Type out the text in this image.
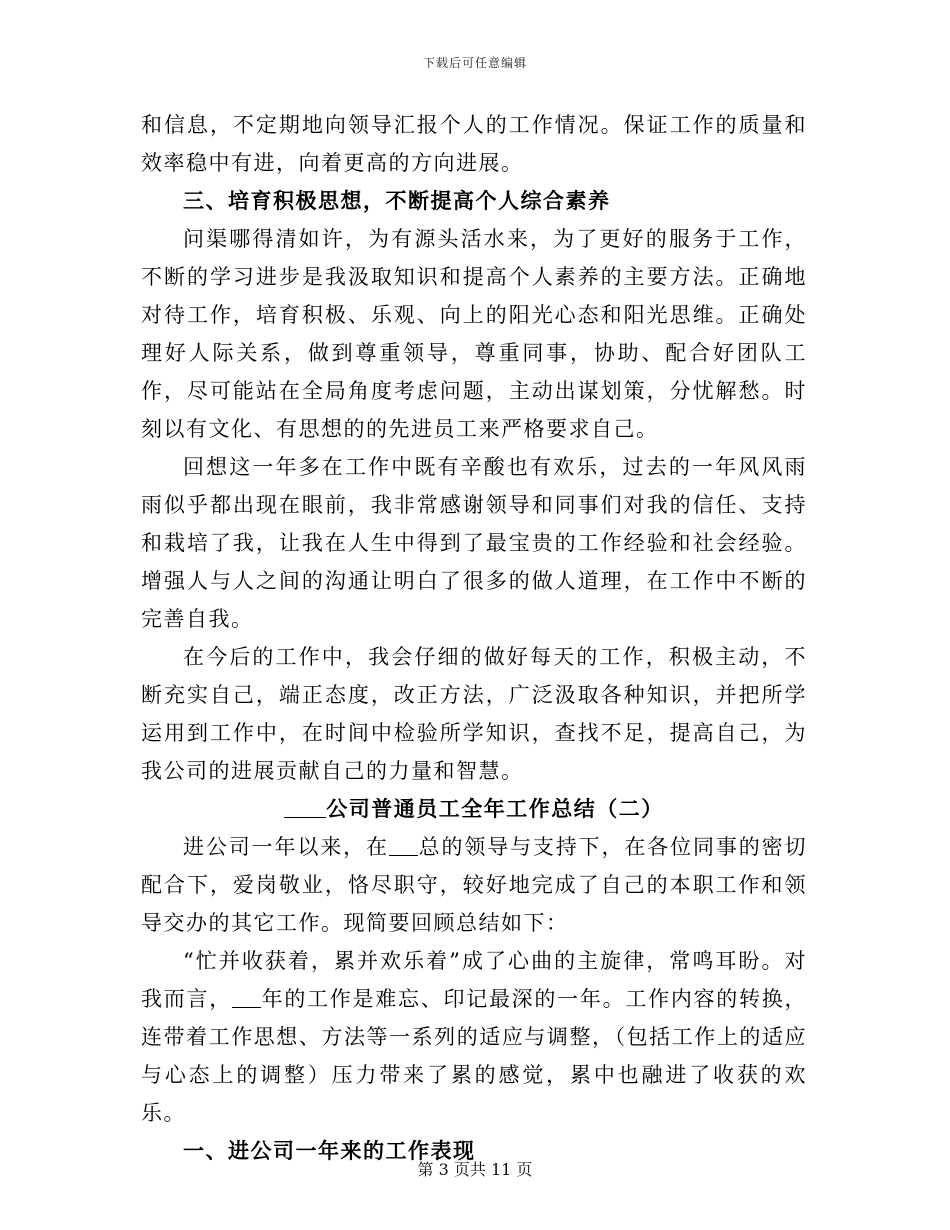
下载后可任意编辑

和信息，不定期地向领导汇报个人的工作情况。保证工作的质量和效率稳中有进，向着更高的方向进展。

三、培育积极思想，不断提高个人综合素养

问渠哪得清如许，为有源头活水来，为了更好的服务于工作，不断的学习进步是我汲取知识和提高个人素养的主要方法。正确地对待工作，培育积极、乐观、向上的阳光心态和阳光思维。正确处理好人际关系，做到尊重领导，尊重同事，协助、配合好团队工作，尽可能站在全局角度考虑问题，主动出谋划策，分忧解愁。时刻以有文化、有思想的的先进员工来严格要求自己。

回想这一年多在工作中既有辛酸也有欢乐，过去的一年风风雨雨似乎都出现在眼前，我非常感谢领导和同事们对我的信任、支持和栽培了我，让我在人生中得到了最宝贵的工作经验和社会经验。增强人与人之间的沟通让明白了很多的做人道理，在工作中不断的完善自我。

在今后的工作中，我会仔细的做好每天的工作，积极主动，不断充实自己，端正态度，改正方法，广泛汲取各种知识，并把所学运用到工作中，在时间中检验所学知识，查找不足，提高自己，为我公司的进展贡献自己的力量和智慧。

公司普通员工全年工作总结（二）

进公司一年以来，在 总的领导与支持下，在各位同事的密切配合下，爱岗敬业，恪尽职守，较好地完成了自己的本职工作和领导交办的其它工作。现简要回顾总结如下：

“忙并收获着，累并欢乐着”成了心曲的主旋律，常鸣耳盼。对我而言， 年的工作是难忘、印记最深的一年。工作内容的转换，连带着工作思想、方法等一系列的适应与调整，（包括工作上的适应与心态上的调整）压力带来了累的感觉，累中也融进了收获的欢乐。

一、进公司一年来的工作表现

第 3 页共 11 页
